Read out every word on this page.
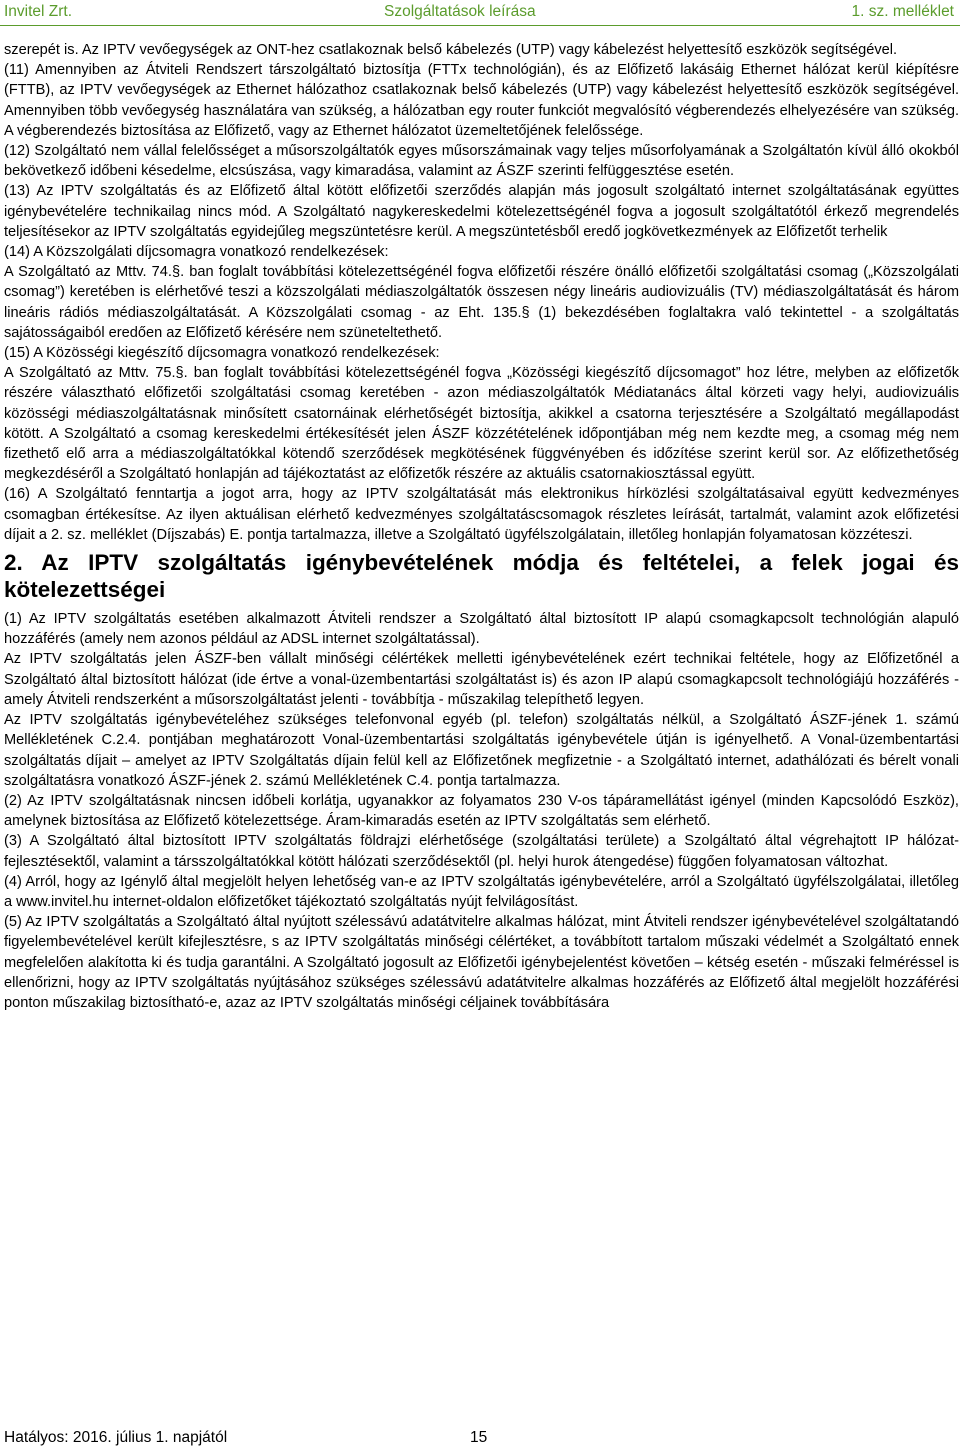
Invitel Zrt.	Szolgáltatások leírása	1. sz. melléklet

szerepét is. Az IPTV vevőegységek az ONT-hez csatlakoznak belső kábelezés (UTP) vagy kábelezést helyettesítő eszközök segítségével.

(11) Amennyiben az Átviteli Rendszert társzolgáltató biztosítja (FTTx technológián), és az Előfizető lakásáig Ethernet hálózat kerül kiépítésre (FTTB), az IPTV vevőegységek az Ethernet hálózathoz csatlakoznak belső kábelezés (UTP) vagy kábelezést helyettesítő eszközök segítségével. Amennyiben több vevőegység használatára van szükség, a hálózatban egy router funkciót megvalósító végberendezés elhelyezésére van szükség. A végberendezés biztosítása az Előfizető, vagy az Ethernet hálózatot üzemeltetőjének felelőssége.

(12) Szolgáltató nem vállal felelősséget a műsorszolgáltatók egyes műsorszámainak vagy teljes műsorfolyamának a Szolgáltatón kívül álló okokból bekövetkező időbeni késedelme, elcsúszása, vagy kimaradása, valamint az ÁSZF szerinti felfüggesztése esetén.

(13) Az IPTV szolgáltatás és az Előfizető által kötött előfizetői szerződés alapján más jogosult szolgáltató internet szolgáltatásának együttes igénybevételére technikailag nincs mód. A Szolgáltató nagykereskedelmi kötelezettségénél fogva a jogosult szolgáltatótól érkező megrendelés teljesítésekor az IPTV szolgáltatás egyidejűleg megszüntetésre kerül. A megszüntetésből eredő jogkövetkezmények az Előfizetőt terhelik

(14) A Közszolgálati díjcsomagra vonatkozó rendelkezések:

A Szolgáltató az Mttv. 74.§. ban foglalt továbbítási kötelezettségénél fogva előfizetői részére önálló előfizetői szolgáltatási csomag („Közszolgálati csomag”) keretében is elérhetővé teszi a közszolgálati médiaszolgáltatók összesen négy lineáris audiovizuális (TV) médiaszolgáltatását és három lineáris rádiós médiaszolgáltatását. A Közszolgálati csomag - az Eht. 135.§ (1) bekezdésében foglaltakra való tekintettel - a szolgáltatás sajátosságaiból eredően az Előfizető kérésére nem szüneteltethető.

(15) A Közösségi kiegészítő díjcsomagra vonatkozó rendelkezések:

A Szolgáltató az Mttv. 75.§. ban foglalt továbbítási kötelezettségénél fogva „Közösségi kiegészítő díjcsomagot” hoz létre, melyben az előfizetők részére választható előfizetői szolgáltatási csomag keretében - azon médiaszolgáltatók Médiatanács által körzeti vagy helyi, audiovizuális közösségi médiaszolgáltatásnak minősített csatornáinak elérhetőségét biztosítja, akikkel a csatorna terjesztésére a Szolgáltató megállapodást kötött. A Szolgáltató a csomag kereskedelmi értékesítését jelen ÁSZF közzétételének időpontjában még nem kezdte meg, a csomag még nem fizethető elő arra a médiaszolgáltatókkal kötendő szerződések megkötésének függvényében és időzítése szerint kerül sor. Az előfizethetőség megkezdéséről a Szolgáltató honlapján ad tájékoztatást az előfizetők részére az aktuális csatornakiosztással együtt.

(16) A Szolgáltató fenntartja a jogot arra, hogy az IPTV szolgáltatását más elektronikus hírközlési szolgáltatásaival együtt kedvezményes csomagban értékesítse. Az ilyen aktuálisan elérhető kedvezményes szolgáltatáscsomagok részletes leírását, tartalmát, valamint azok előfizetési díjait a 2. sz. melléklet (Díjszabás) E. pontja tartalmazza, illetve a Szolgáltató ügyfélszolgálatain, illetőleg honlapján folyamatosan közzéteszi.

2. Az IPTV szolgáltatás igénybevételének módja és feltételei, a felek jogai és kötelezettségei

(1) Az IPTV szolgáltatás esetében alkalmazott Átviteli rendszer a Szolgáltató által biztosított IP alapú csomagkapcsolt technológián alapuló hozzáférés (amely nem azonos például az ADSL internet szolgáltatással).

Az IPTV szolgáltatás jelen ÁSZF-ben vállalt minőségi célértékek melletti igénybevételének ezért technikai feltétele, hogy az Előfizetőnél a Szolgáltató által biztosított hálózat (ide értve a vonal-üzembentartási szolgáltatást is) és azon IP alapú csomagkapcsolt technológiájú hozzáférés - amely Átviteli rendszerként a műsorszolgáltatást jelenti - továbbítja - műszakilag telepíthető legyen.

Az IPTV szolgáltatás igénybevételéhez szükséges telefonvonal egyéb (pl. telefon) szolgáltatás nélkül, a Szolgáltató ÁSZF-jének 1. számú Mellékletének C.2.4. pontjában meghatározott Vonal-üzembentartási szolgáltatás igénybevétele útján is igényelhető. A Vonal-üzembentartási szolgáltatás díjait – amelyet az IPTV Szolgáltatás díjain felül kell az Előfizetőnek megfizetnie - a Szolgáltató internet, adathálózati és bérelt vonali szolgáltatásra vonatkozó ÁSZF-jének 2. számú Mellékletének C.4. pontja tartalmazza.

(2) Az IPTV szolgáltatásnak nincsen időbeli korlátja, ugyanakkor az folyamatos 230 V-os tápáramellátást igényel (minden Kapcsolódó Eszköz), amelynek biztosítása az Előfizető kötelezettsége. Áram-kimaradás esetén az IPTV szolgáltatás sem elérhető.

(3) A Szolgáltató által biztosított IPTV szolgáltatás földrajzi elérhetősége (szolgáltatási területe) a Szolgáltató által végrehajtott IP hálózat-fejlesztésektől, valamint a társszolgáltatókkal kötött hálózati szerződésektől (pl. helyi hurok átengedése) függően folyamatosan változhat.

(4) Arról, hogy az Igénylő által megjelölt helyen lehetőség van-e az IPTV szolgáltatás igénybevételére, arról a Szolgáltató ügyfélszolgálatai, illetőleg a www.invitel.hu internet-oldalon előfizetőket tájékoztató szolgáltatás nyújt felvilágosítást.

(5) Az IPTV szolgáltatás a Szolgáltató által nyújtott szélessávú adatátvitelre alkalmas hálózat, mint Átviteli rendszer igénybevételével szolgáltatandó figyelembevételével került kifejlesztésre, s az IPTV szolgáltatás minőségi célértéket, a továbbított tartalom műszaki védelmét a Szolgáltató ennek megfelelően alakította ki és tudja garantálni. A Szolgáltató jogosult az Előfizetői igénybejelentést követően – kétség esetén - műszaki felméréssel is ellenőrizni, hogy az IPTV szolgáltatás nyújtásához szükséges szélessávú adatátvitelre alkalmas hozzáférés az Előfizető által megjelölt hozzáférési ponton műszakilag biztosítható-e, azaz az IPTV szolgáltatás minőségi céljainek továbbítására

Hatályos: 2016. július 1. napjától	15
